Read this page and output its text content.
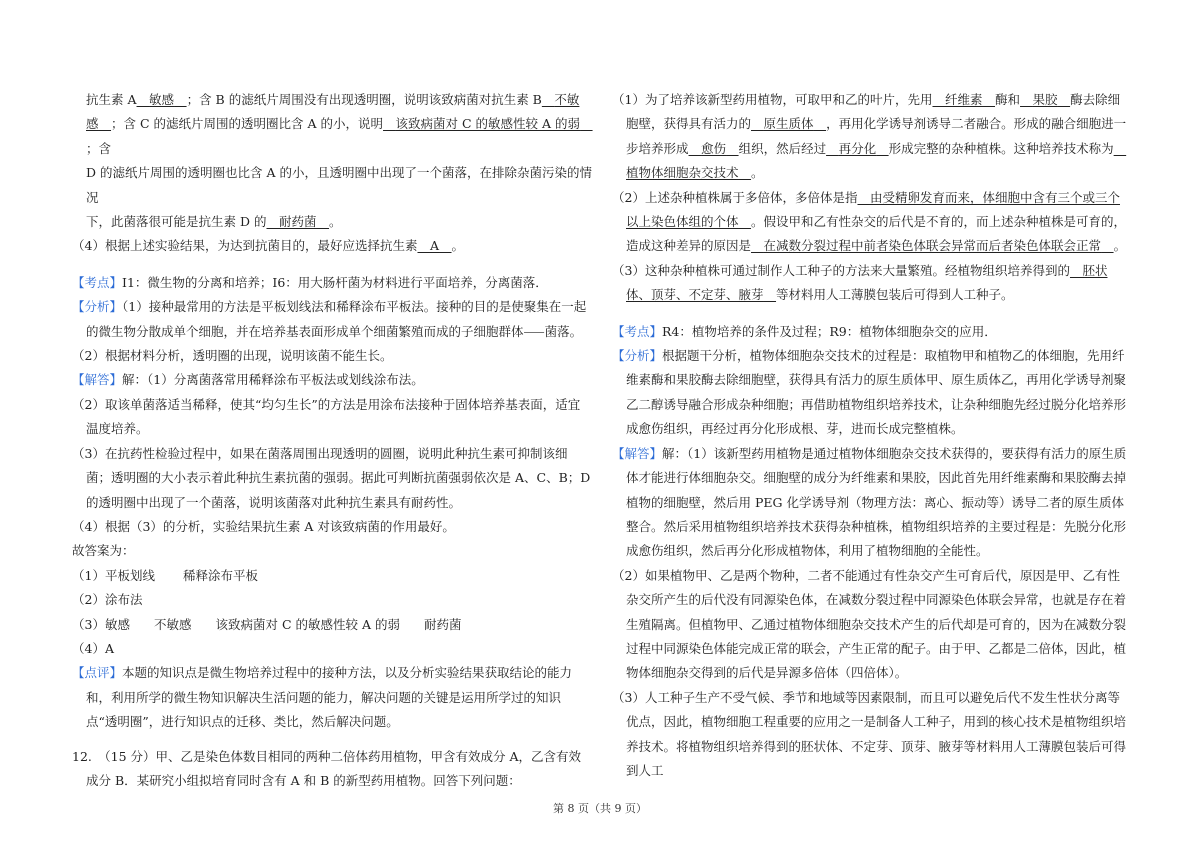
抗生素 A　 敏感　 ；含 B 的滤纸片周围没有出现透明圈，说明该致病菌对抗生素 B　 不敏

感　 ；含 C 的滤纸片周围的透明圈比含 A 的小，说明　 该致病菌对 C 的敏感性较 A 的弱　；含

D 的滤纸片周围的透明圈也比含 A 的小，且透明圈中出现了一个菌落，在排除杂菌污染的情况

下，此菌落很可能是抗生素 D 的　 耐药菌　 。

（4）根据上述实验结果，为达到抗菌目的，最好应选择抗生素　 A　 。

【考点】I1：微生物的分离和培养；I6：用大肠杆菌为材料进行平面培养，分离菌落．

【分析】（1）接种最常用的方法是平板划线法和稀释涂布平板法。接种的目的是使聚集在一起的微生物分散成单个细胞，并在培养基表面形成单个细菌繁殖而成的子细胞群体⸺菌落。

（2）根据材料分析，透明圈的出现，说明该菌不能生长。

【解答】解：（1）分离菌落常用稀释涂布平板法或划线涂布法。

（2）取该单菌落适当稀释，使其“均匀生长”的方法是用涂布法接种于固体培养基表面，适宜温度培养。

（3）在抗药性检验过程中，如果在菌落周围出现透明的圆圈，说明此种抗生素可抑制该细菌；透明圈的大小表示着此种抗生素抗菌的强弱。据此可判断抗菌强弱依次是 A、C、B；D 的透明圈中出现了一个菌落，说明该菌落对此种抗生素具有耐药性。

（4）根据（3）的分析，实验结果抗生素 A 对该致病菌的作用最好。

故答案为：

（1）平板划线 稀释涂布平板

（2）涂布法

（3）敏感 不敏感 该致病菌对 C 的敏感性较 A 的弱 耐药菌

（4）A

【点评】本题的知识点是微生物培养过程中的接种方法，以及分析实验结果获取结论的能力和，利用所学的微生物知识解决生活问题的能力，解决问题的关键是运用所学过的知识点“透明圈”，进行知识点的迁移、类比，然后解决问题。

12.　（15 分）甲、乙是染色体数目相同的两种二倍体药用植物，甲含有效成分 A，乙含有效成分 B．某研究小组拟培育同时含有 A 和 B 的新型药用植物。回答下列问题：

（1）为了培养该新型药用植物，可取甲和乙的叶片，先用　 纤维素　 酶和　 果胶　 酶去除细胞壁，获得具有活力的　 原生质体　 ，再用化学诱导剂诱导二者融合。形成的融合细胞进一步培养形成　 愈伤　 组织，然后经过　 再分化　 形成完整的杂种植株。这种培养技术称为　植物体细胞杂交技术　 。

（2）上述杂种植株属于多倍体，多倍体是指　 由受精卵发育而来，体细胞中含有三个或三个以上染色体组的个体　 。假设甲和乙有性杂交的后代是不育的，而上述杂种植株是可育的，造成这种差异的原因是　 在减数分裂过程中前者染色体联会异常而后者染色体联会正常　 。

（3）这种杂种植株可通过制作人工种子的方法来大量繁殖。经植物组织培养得到的　 胚状体、顶芽、不定芽、腋芽　 等材料用人工薄膜包装后可得到人工种子。

【考点】R4：植物培养的条件及过程；R9：植物体细胞杂交的应用．

【分析】根据题干分析，植物体细胞杂交技术的过程是：取植物甲和植物乙的体细胞，先用纤维素酶和果胶酶去除细胞壁，获得具有活力的原生质体甲、原生质体乙，再用化学诱导剂聚乙二醇诱导融合形成杂种细胞；再借助植物组织培养技术，让杂种细胞先经过脱分化培养形成愈伤组织，再经过再分化形成根、芽，进而长成完整植株。

【解答】解：（1）该新型药用植物是通过植物体细胞杂交技术获得的，要获得有活力的原生质体才能进行体细胞杂交。细胞壁的成分为纤维素和果胶，因此首先用纤维素酶和果胶酶去掉植物的细胞壁，然后用 PEG 化学诱导剂（物理方法：离心、振动等）诱导二者的原生质体整合。然后采用植物组织培养技术获得杂种植株，植物组织培养的主要过程是：先脱分化形成愈伤组织，然后再分化形成植物体，利用了植物细胞的全能性。

（2）如果植物甲、乙是两个物种，二者不能通过有性杂交产生可育后代，原因是甲、乙有性杂交所产生的后代没有同源染色体，在减数分裂过程中同源染色体联会异常，也就是存在着生殖隔离。但植物甲、乙通过植物体细胞杂交技术产生的后代却是可育的，因为在减数分裂过程中同源染色体能完成正常的联会，产生正常的配子。由于甲、乙都是二倍体，因此，植物体细胞杂交得到的后代是异源多倍体（四倍体）。

（3）人工种子生产不受气候、季节和地域等因素限制，而且可以避免后代不发生性状分离等优点，因此，植物细胞工程重要的应用之一是制备人工种子，用到的核心技术是植物组织培养技术。将植物组织培养得到的胚状体、不定芽、顶芽、腋芽等材料用人工薄膜包装后可得到人工

第 8 页（共 9 页）
